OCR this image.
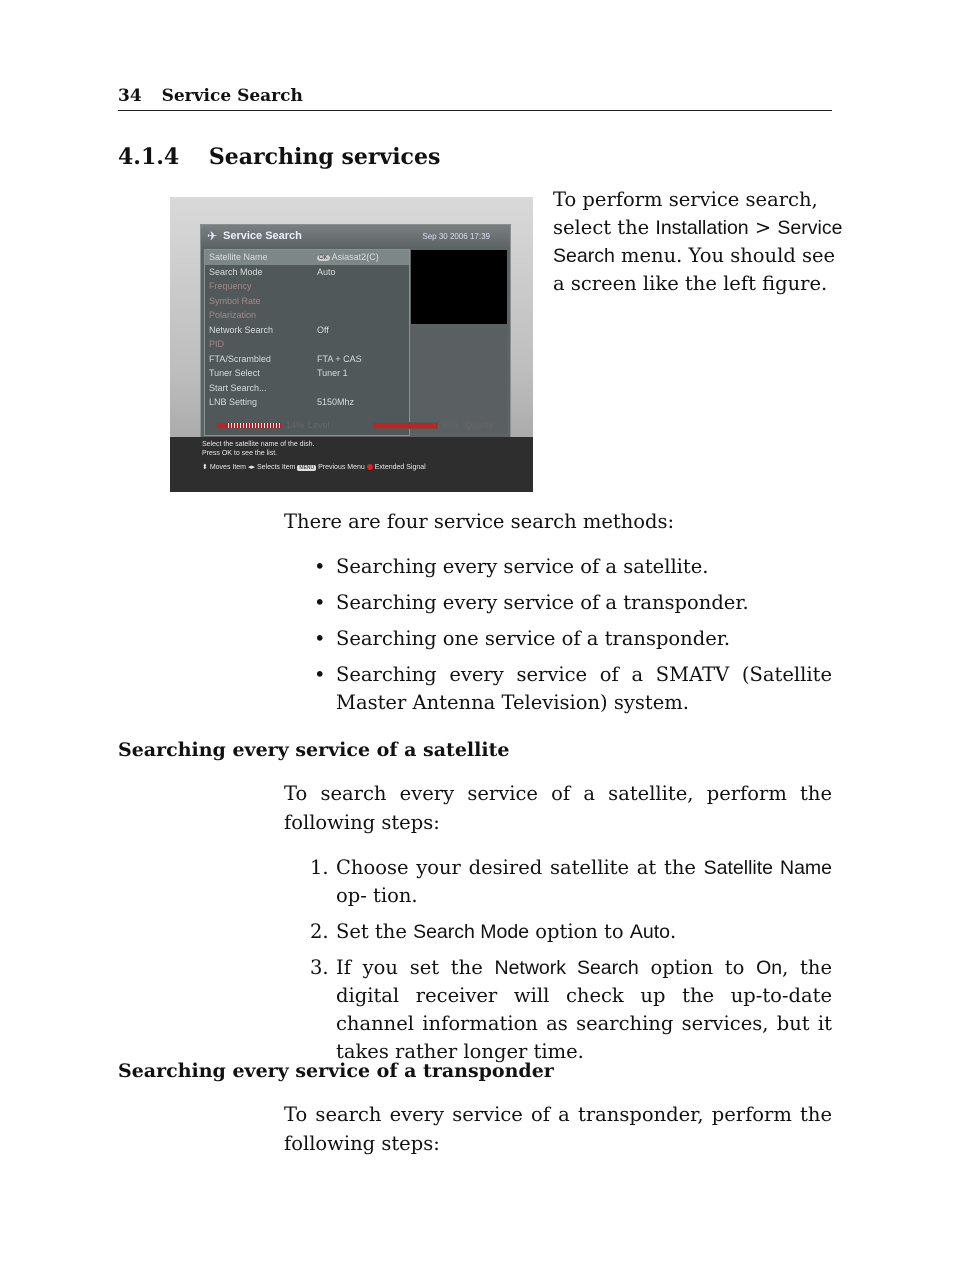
34 Service Search
4.1.4 Searching services
✈ Service Search	Sep 30 2006 17:39
Satellite Name	OK Asiasat2(C)
Search Mode	Auto
Frequency
Symbol Rate
Polarization
Network Search	Off
PID
FTA/Scrambled	FTA + CAS
Tuner Select	Tuner 1
Start Search...
LNB Setting	5150Mhz
14% Level	99% Quality
Select the satellite name of the dish.
Press OK to see the list.
⬍ Moves Item ◂▸ Selects Item MENU Previous Menu Extended Signal
To perform service search, select the Installation > Service Search menu. You should see a screen like the left figure.

There are four service search methods:

• Searching every service of a satellite.
• Searching every service of a transponder.
• Searching one service of a transponder.
• Searching every service of a SMATV (Satellite Master Antenna Television) system.
Searching every service of a satellite

To search every service of a satellite, perform the following steps:

1. Choose your desired satellite at the Satellite Name op- tion.
2. Set the Search Mode option to Auto.
3. If you set the Network Search option to On, the digital receiver will check up the up-to-date channel information as searching services, but it takes rather longer time.
Searching every service of a transponder

To search every service of a transponder, perform the following steps:
